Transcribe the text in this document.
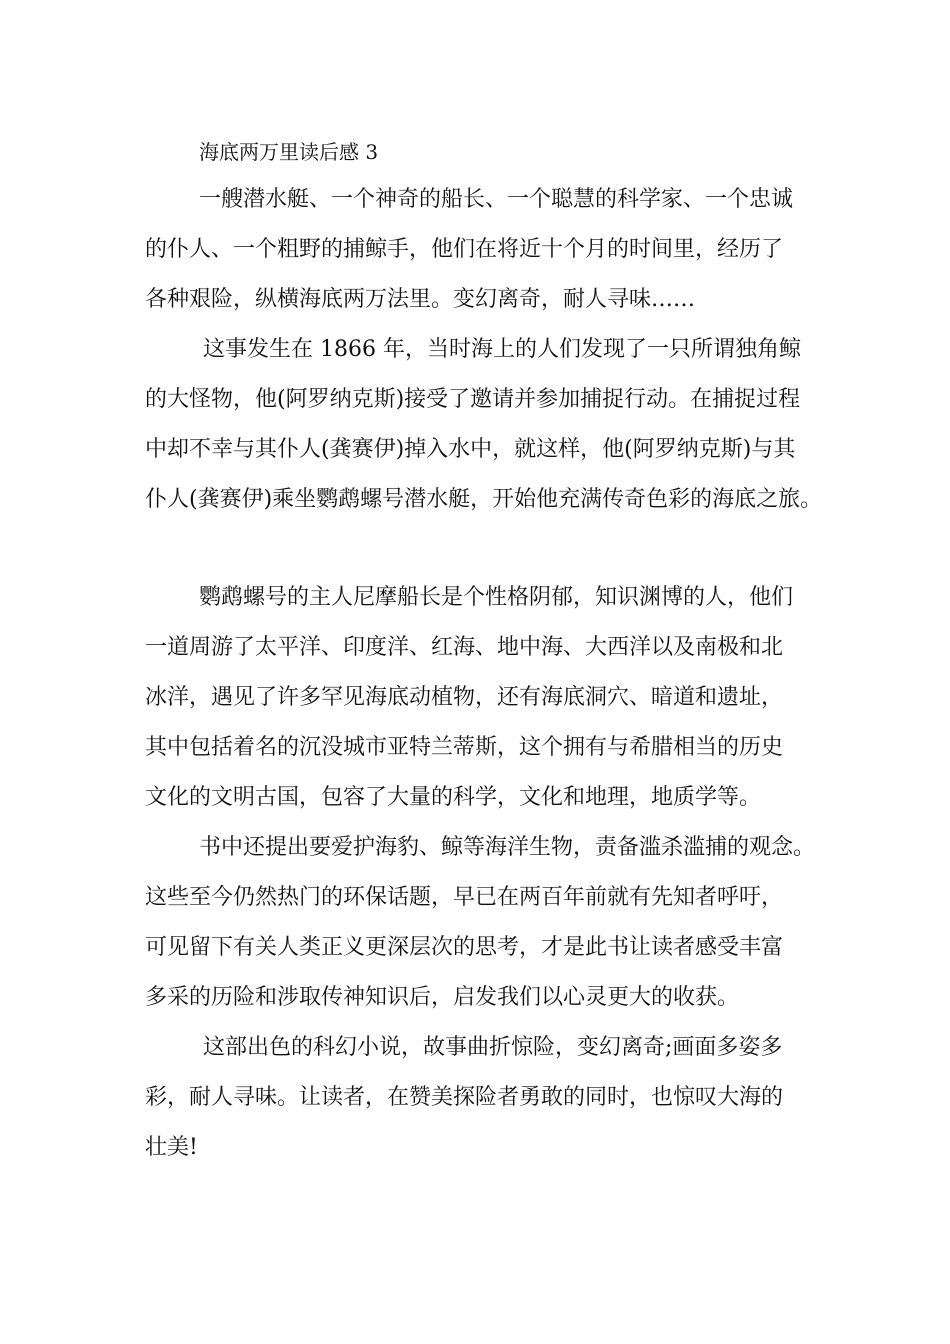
海底两万里读后感 3
一艘潜水艇、一个神奇的船长、一个聪慧的科学家、一个忠诚
的仆人、一个粗野的捕鲸手，他们在将近十个月的时间里，经历了
各种艰险，纵横海底两万法里。变幻离奇，耐人寻味……
这事发生在 1866 年，当时海上的人们发现了一只所谓独角鲸
的大怪物，他(阿罗纳克斯)接受了邀请并参加捕捉行动。在捕捉过程
中却不幸与其仆人(龚赛伊)掉入水中，就这样，他(阿罗纳克斯)与其
仆人(龚赛伊)乘坐鹦鹉螺号潜水艇，开始他充满传奇色彩的海底之旅。
鹦鹉螺号的主人尼摩船长是个性格阴郁，知识渊博的人，他们
一道周游了太平洋、印度洋、红海、地中海、大西洋以及南极和北
冰洋，遇见了许多罕见海底动植物，还有海底洞穴、暗道和遗址，
其中包括着名的沉没城市亚特兰蒂斯，这个拥有与希腊相当的历史
文化的文明古国，包容了大量的科学，文化和地理，地质学等。
书中还提出要爱护海豹、鲸等海洋生物，责备滥杀滥捕的观念。
这些至今仍然热门的环保话题，早已在两百年前就有先知者呼吁，
可见留下有关人类正义更深层次的思考，才是此书让读者感受丰富
多采的历险和涉取传神知识后，启发我们以心灵更大的收获。
这部出色的科幻小说，故事曲折惊险，变幻离奇;画面多姿多
彩，耐人寻味。让读者，在赞美探险者勇敢的同时，也惊叹大海的
壮美!
